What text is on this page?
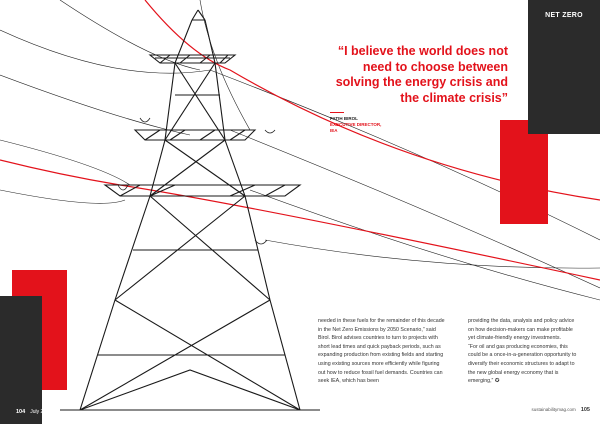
NET ZERO
“I believe the world does not need to choose between solving the energy crisis and the climate crisis”
FATIH BIROL
EXECUTIVE DIRECTOR,
IEA

needed in these fuels for the remainder of this decade in the Net Zero Emissions by 2050 Scenario,” said Birol. Birol advises countries to turn to projects with short lead times and quick payback periods, such as expanding production from existing fields and starting using existing sources more efficiently while figuring out how to reduce fossil fuel demands. Countries can seek IEA, which has been

providing the data, analysis and policy advice on how decision-makers can make profitable yet climate-friendly energy investments.

“For oil and gas producing economies, this could be a once-in-a-generation opportunity to diversify their economic structures to adapt to the new global energy economy that is emerging,” ✪

104 July 2022	sustainabilitymag.com 105
